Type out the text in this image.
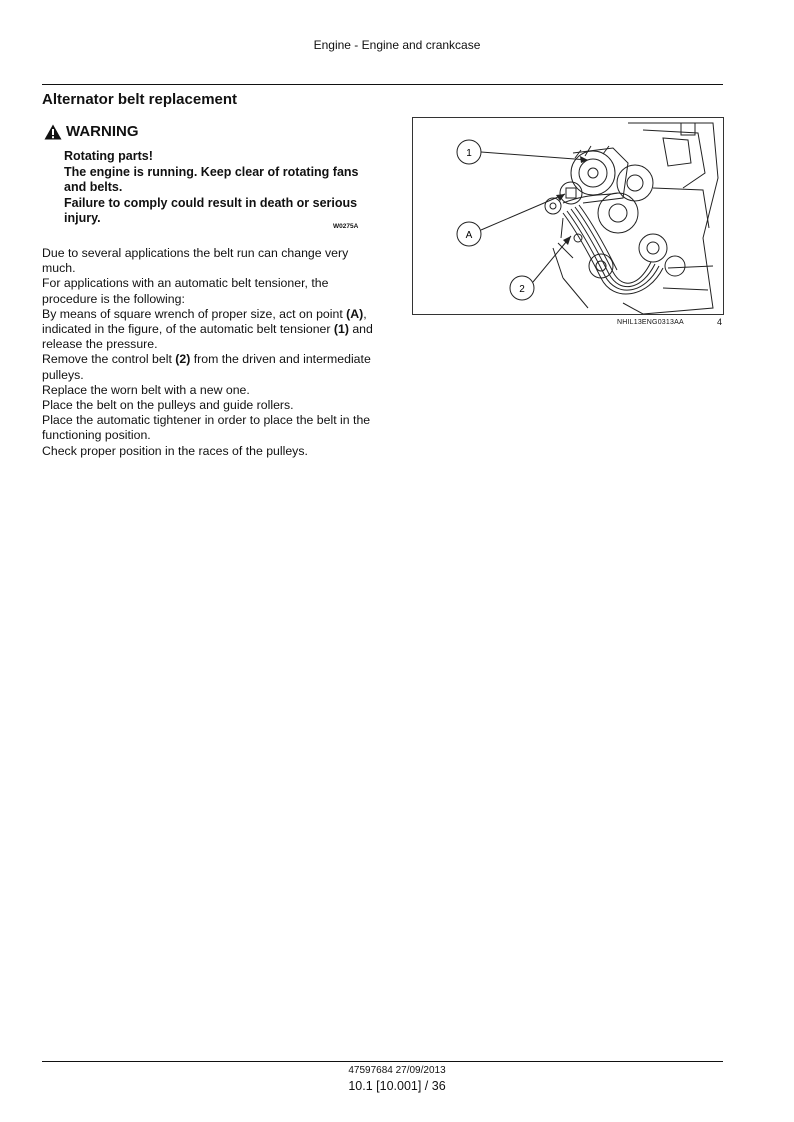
Engine - Engine and crankcase
Alternator belt replacement
WARNING

Rotating parts!

The engine is running. Keep clear of rotating fans and belts.

Failure to comply could result in death or serious injury.

W0275A

Due to several applications the belt run can change very much.

For applications with an automatic belt tensioner, the procedure is the following:

By means of square wrench of proper size, act on point (A), indicated in the figure, of the automatic belt tensioner (1) and release the pressure.

Remove the control belt (2) from the driven and intermediate pulleys.

Replace the worn belt with a new one.

Place the belt on the pulleys and guide rollers.

Place the automatic tightener in order to place the belt in the functioning position.

Check proper position in the races of the pulleys.

1
A
2
NHIL13ENG0313AA	4
47597684 27/09/2013
10.1 [10.001] / 36
